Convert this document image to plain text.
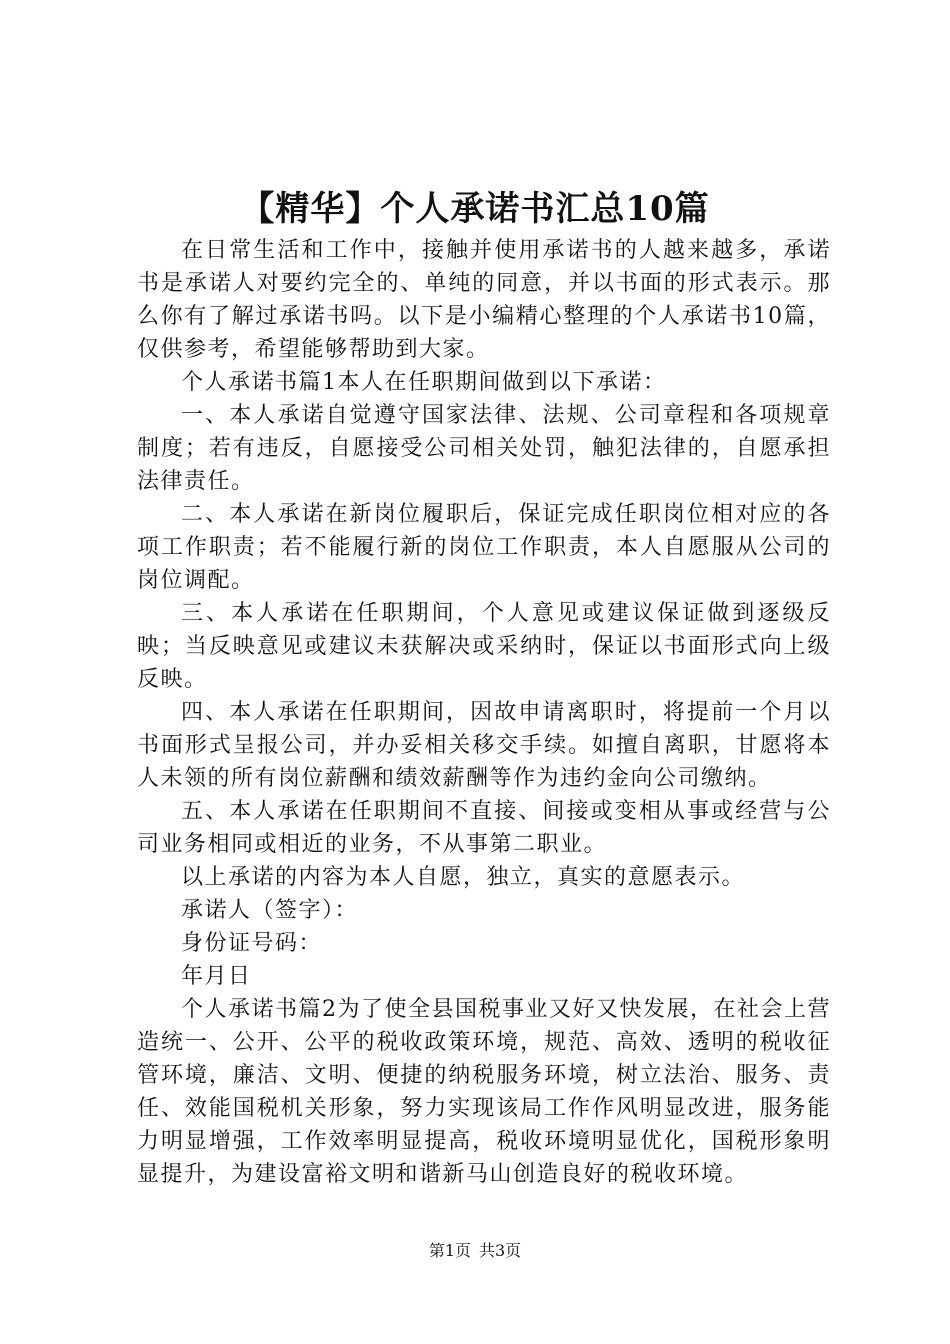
【精华】个人承诺书汇总10篇

在日常生活和工作中，接触并使用承诺书的人越来越多，承诺书是承诺人对要约完全的、单纯的同意，并以书面的形式表示。那么你有了解过承诺书吗。以下是小编精心整理的个人承诺书10篇，仅供参考，希望能够帮助到大家。

个人承诺书篇1本人在任职期间做到以下承诺：

一、本人承诺自觉遵守国家法律、法规、公司章程和各项规章制度；若有违反，自愿接受公司相关处罚，触犯法律的，自愿承担法律责任。

二、本人承诺在新岗位履职后，保证完成任职岗位相对应的各项工作职责；若不能履行新的岗位工作职责，本人自愿服从公司的岗位调配。

三、本人承诺在任职期间，个人意见或建议保证做到逐级反映；当反映意见或建议未获解决或采纳时，保证以书面形式向上级反映。

四、本人承诺在任职期间，因故申请离职时，将提前一个月以书面形式呈报公司，并办妥相关移交手续。如擅自离职，甘愿将本人未领的所有岗位薪酬和绩效薪酬等作为违约金向公司缴纳。

五、本人承诺在任职期间不直接、间接或变相从事或经营与公司业务相同或相近的业务，不从事第二职业。

以上承诺的内容为本人自愿，独立，真实的意愿表示。

承诺人（签字）：

身份证号码：

年月日

个人承诺书篇2为了使全县国税事业又好又快发展，在社会上营造统一、公开、公平的税收政策环境，规范、高效、透明的税收征管环境，廉洁、文明、便捷的纳税服务环境，树立法治、服务、责任、效能国税机关形象，努力实现该局工作作风明显改进，服务能力明显增强，工作效率明显提高，税收环境明显优化，国税形象明显提升，为建设富裕文明和谐新马山创造良好的税收环境。

第1页 共3页
